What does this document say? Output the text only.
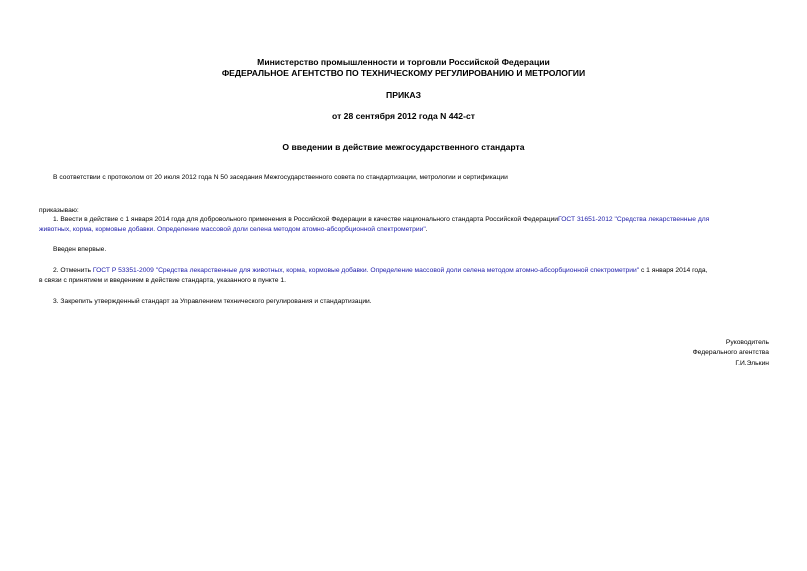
Министерство промышленности и торговли Российской Федерации
ФЕДЕРАЛЬНОЕ АГЕНТСТВО ПО ТЕХНИЧЕСКОМУ РЕГУЛИРОВАНИЮ И МЕТРОЛОГИИ
ПРИКАЗ
от 28 сентября 2012 года N 442-ст
О введении в действие межгосударственного стандарта
В соответствии с протоколом от 20 июля 2012 года N 50 заседания Межгосударственного совета по стандартизации, метрологии и сертификации
приказываю:
1. Ввести в действие с 1 января 2014 года для добровольного применения в Российской Федерации в качестве национального стандарта Российской ФедерацииГОСТ 31651-2012 "Средства лекарственные для
животных, корма, кормовые добавки. Определение массовой доли селена методом атомно-абсорбционной спектрометрии".
Введен впервые.
2. Отменить ГОСТ Р 53351-2009 "Средства лекарственные для животных, корма, кормовые добавки. Определение массовой доли селена методом атомно-абсорбционной спектрометрии" с 1 января 2014 года,
в связи с принятием и введением в действие стандарта, указанного в пункте 1.
3. Закрепить утвержденный стандарт за Управлением технического регулирования и стандартизации.
Руководитель
Федерального агентства
Г.И.Элькин
